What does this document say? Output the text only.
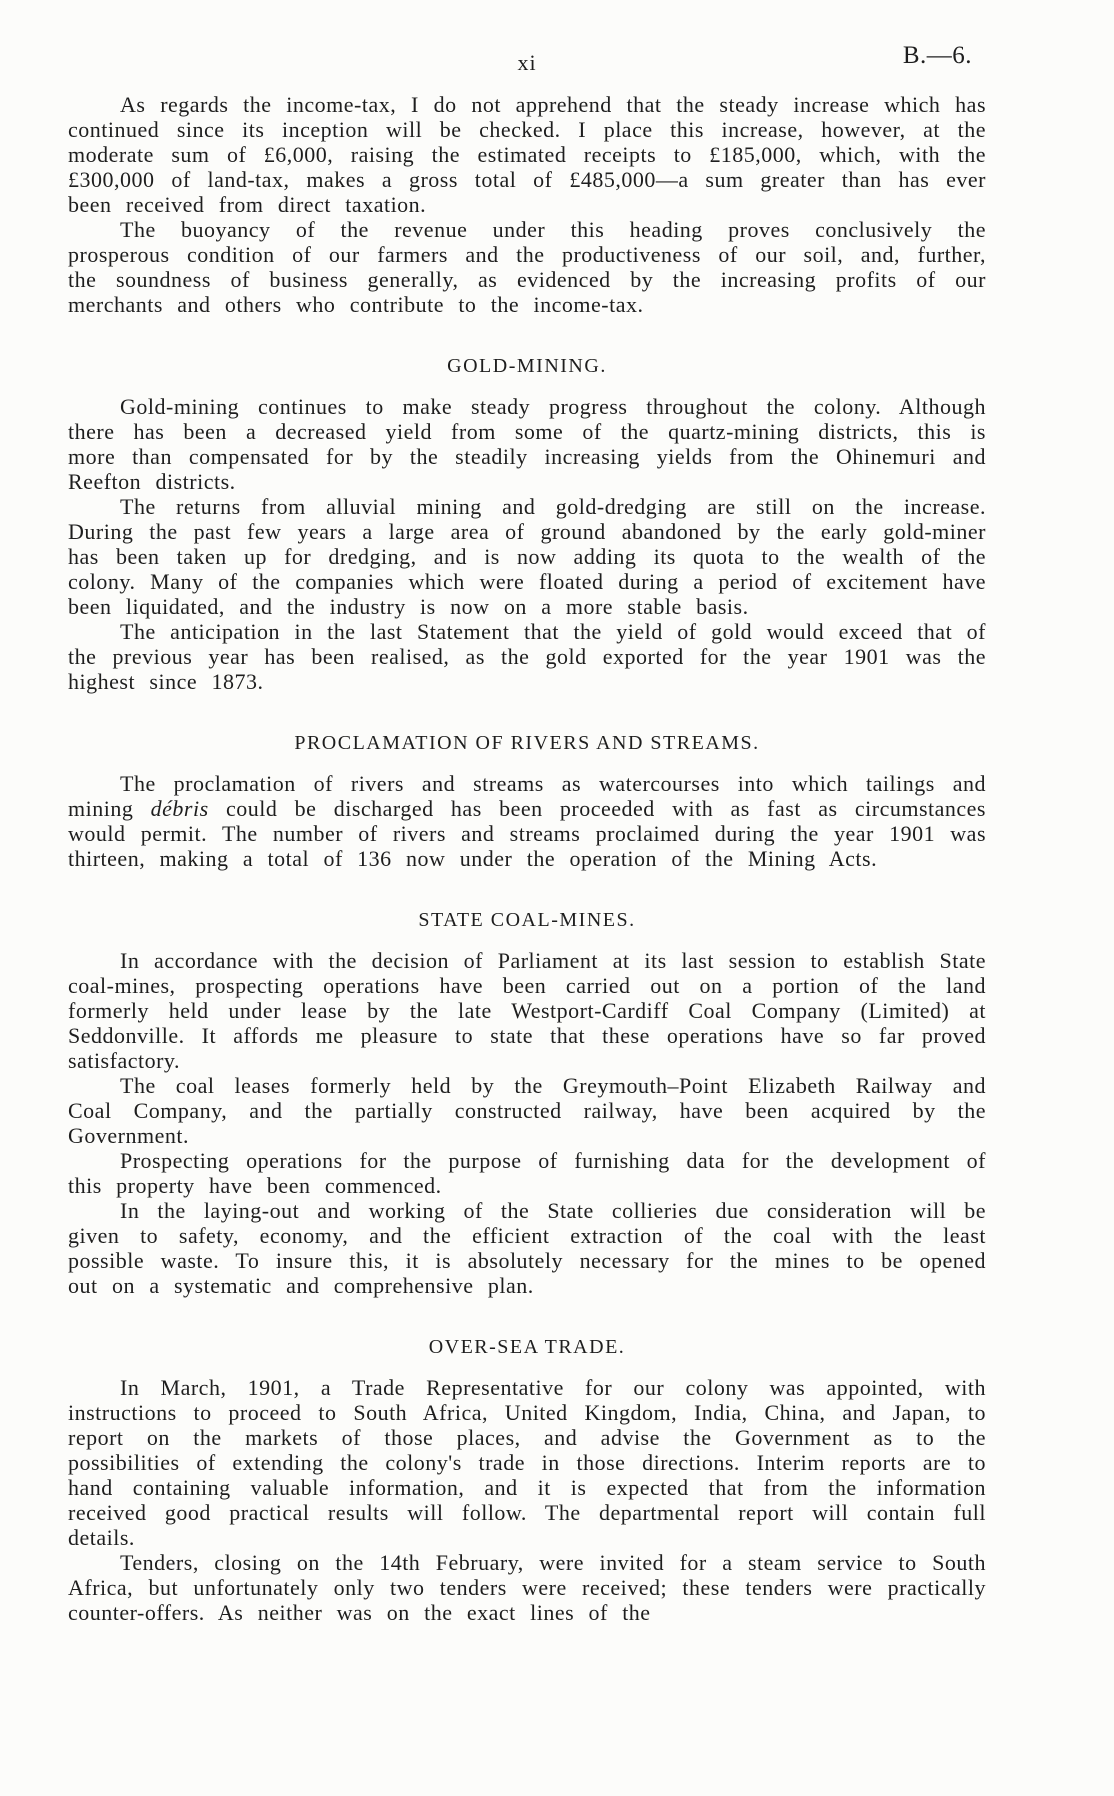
xi	B.—6.

As regards the income-tax, I do not apprehend that the steady increase which has continued since its inception will be checked. I place this increase, however, at the moderate sum of £6,000, raising the estimated receipts to £185,000, which, with the £300,000 of land-tax, makes a gross total of £485,000—a sum greater than has ever been received from direct taxation.

The buoyancy of the revenue under this heading proves conclusively the prosperous condition of our farmers and the productiveness of our soil, and, further, the soundness of business generally, as evidenced by the increasing profits of our merchants and others who contribute to the income-tax.

GOLD-MINING.

Gold-mining continues to make steady progress throughout the colony. Although there has been a decreased yield from some of the quartz-mining districts, this is more than compensated for by the steadily increasing yields from the Ohinemuri and Reefton districts.

The returns from alluvial mining and gold-dredging are still on the increase. During the past few years a large area of ground abandoned by the early gold-miner has been taken up for dredging, and is now adding its quota to the wealth of the colony. Many of the companies which were floated during a period of excitement have been liquidated, and the industry is now on a more stable basis.

The anticipation in the last Statement that the yield of gold would exceed that of the previous year has been realised, as the gold exported for the year 1901 was the highest since 1873.

PROCLAMATION OF RIVERS AND STREAMS.

The proclamation of rivers and streams as watercourses into which tailings and mining débris could be discharged has been proceeded with as fast as circumstances would permit. The number of rivers and streams proclaimed during the year 1901 was thirteen, making a total of 136 now under the operation of the Mining Acts.

STATE COAL-MINES.

In accordance with the decision of Parliament at its last session to establish State coal-mines, prospecting operations have been carried out on a portion of the land formerly held under lease by the late Westport-Cardiff Coal Company (Limited) at Seddonville. It affords me pleasure to state that these operations have so far proved satisfactory.

The coal leases formerly held by the Greymouth–Point Elizabeth Railway and Coal Company, and the partially constructed railway, have been acquired by the Government.

Prospecting operations for the purpose of furnishing data for the development of this property have been commenced.

In the laying-out and working of the State collieries due consideration will be given to safety, economy, and the efficient extraction of the coal with the least possible waste. To insure this, it is absolutely necessary for the mines to be opened out on a systematic and comprehensive plan.

OVER-SEA TRADE.

In March, 1901, a Trade Representative for our colony was appointed, with instructions to proceed to South Africa, United Kingdom, India, China, and Japan, to report on the markets of those places, and advise the Government as to the possibilities of extending the colony's trade in those directions. Interim reports are to hand containing valuable information, and it is expected that from the information received good practical results will follow. The departmental report will contain full details.

Tenders, closing on the 14th February, were invited for a steam service to South Africa, but unfortunately only two tenders were received; these tenders were practically counter-offers. As neither was on the exact lines of the
